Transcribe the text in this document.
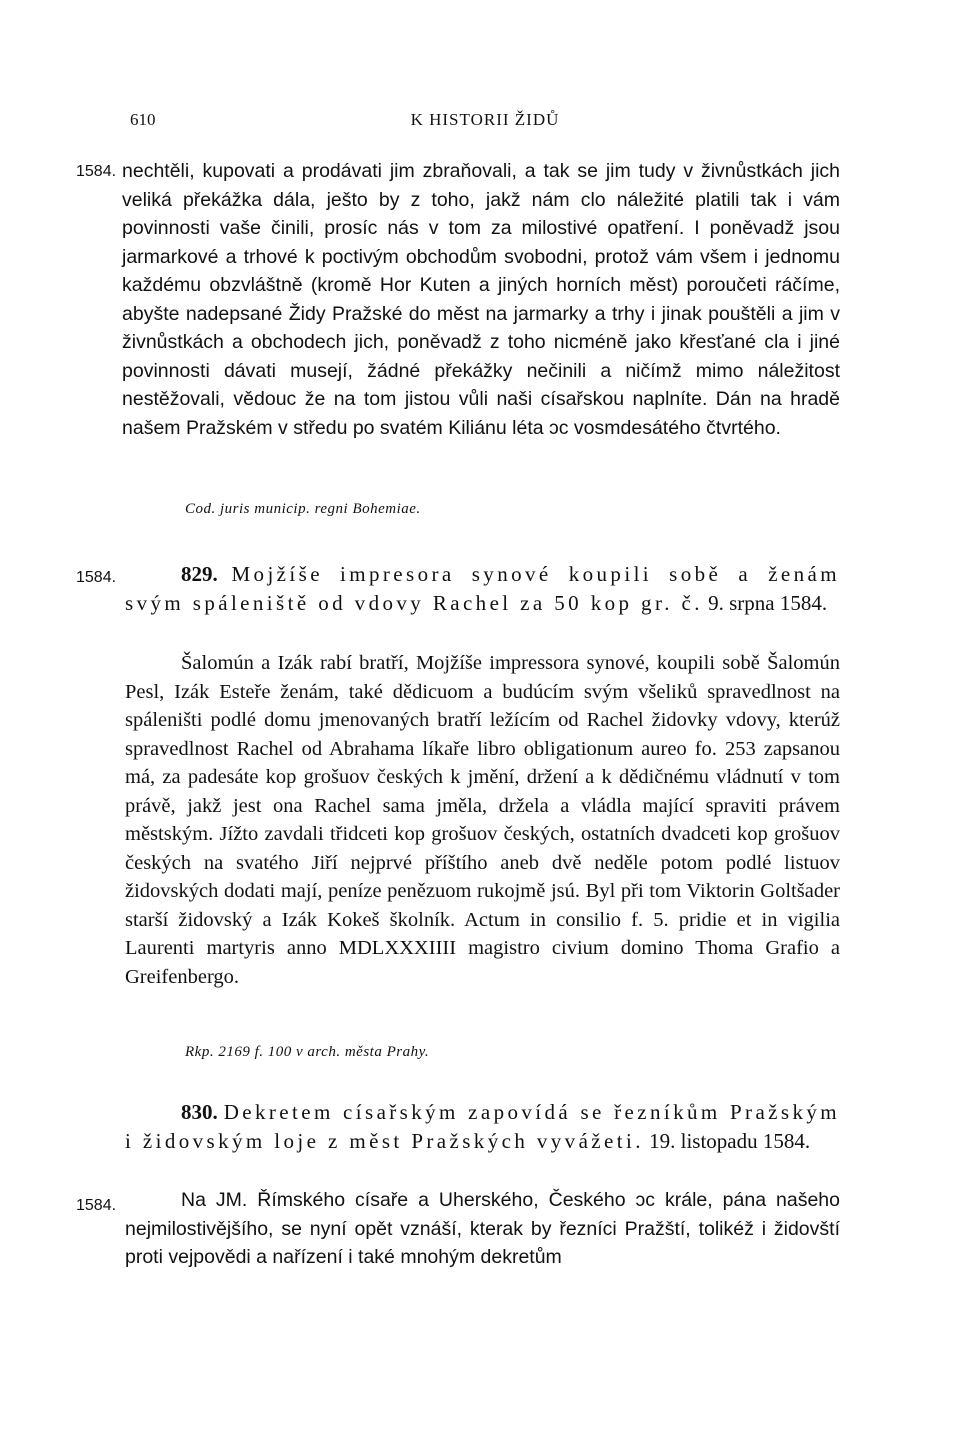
610	K HISTORII ŽIDŮ
1584. nechtěli, kupovati a prodávati jim zbraňovali, a tak se jim tudy v živnůstkách jich veliká překážka dála, ješto by z toho, jakž nám clo náležité platili tak i vám povinnosti vaše činili, prosíc nás v tom za milostivé opatření. I poněvadž jsou jarmarkové a trhové k poctivým obchodům svobodni, protož vám všem i jednomu každému obzvláštně (kromě Hor Kuten a jiných horních měst) poroučeti ráčíme, abyšte nadepsané Židy Pražské do měst na jarmarky a trhy i jinak pouštěli a jim v živnůstkách a obchodech jich, poněvadž z toho nicméně jako křesťané cla i jiné povinnosti dávati musejí, žádné překážky nečinili a ničímž mimo náležitost nestěžovali, vědouc že na tom jistou vůli naši císařskou naplníte. Dán na hradě našem Pražském v středu po svatém Kiliánu léta ɔc vosmdesátého čtvrtého.

Cod. juris municip. regni Bohemiae.
1584.	829. Mojžíše impresora synové koupili sobě a ženám svým spáleniště od vdovy Rachel za 50 kop gr. č. 9. srpna 1584.

Šalomún a Izák rabí bratří, Mojžíše impressora synové, koupili sobě Šalomún Pesl, Izák Esteře ženám, také dědicuom a budúcím svým všeliků spravedlnost na spáleništi podlé domu jmenovaných bratří ležícím od Rachel židovky vdovy, kterúž spravedlnost Rachel od Abrahama líkaře libro obligationum aureo fo. 253 zapsanou má, za padesáte kop grošuov českých k jmění, držení a k dědičnému vládnutí v tom právě, jakž jest ona Rachel sama jměla, držela a vládla mající spraviti právem městským. Jížto zavdali třidceti kop grošuov českých, ostatních dvadceti kop grošuov českých na svatého Jiří nejprvé příštího aneb dvě neděle potom podlé listuov židovských dodati mají, peníze penězuom rukojmě jsú. Byl při tom Viktorin Goltšader starší židovský a Izák Kokeš školník. Actum in consilio f. 5. pridie et in vigilia Laurenti martyris anno MDLXXXIIII magistro civium domino Thoma Grafio a Greifenbergo.

Rkp. 2169 f. 100 v arch. města Prahy.
830. Dekretem císařským zapovídá se řezníkům Pražským i židovským loje z měst Pražských vyvážeti. 19. listopadu 1584.
1584.	Na JM. Římského císaře a Uherského, Českého ɔc krále, pána našeho nejmilostivějšího, se nyní opět vznáší, kterak by řezníci Pražští, tolikéž i židovští proti vejpovědi a nařízení i také mnohým dekretům
